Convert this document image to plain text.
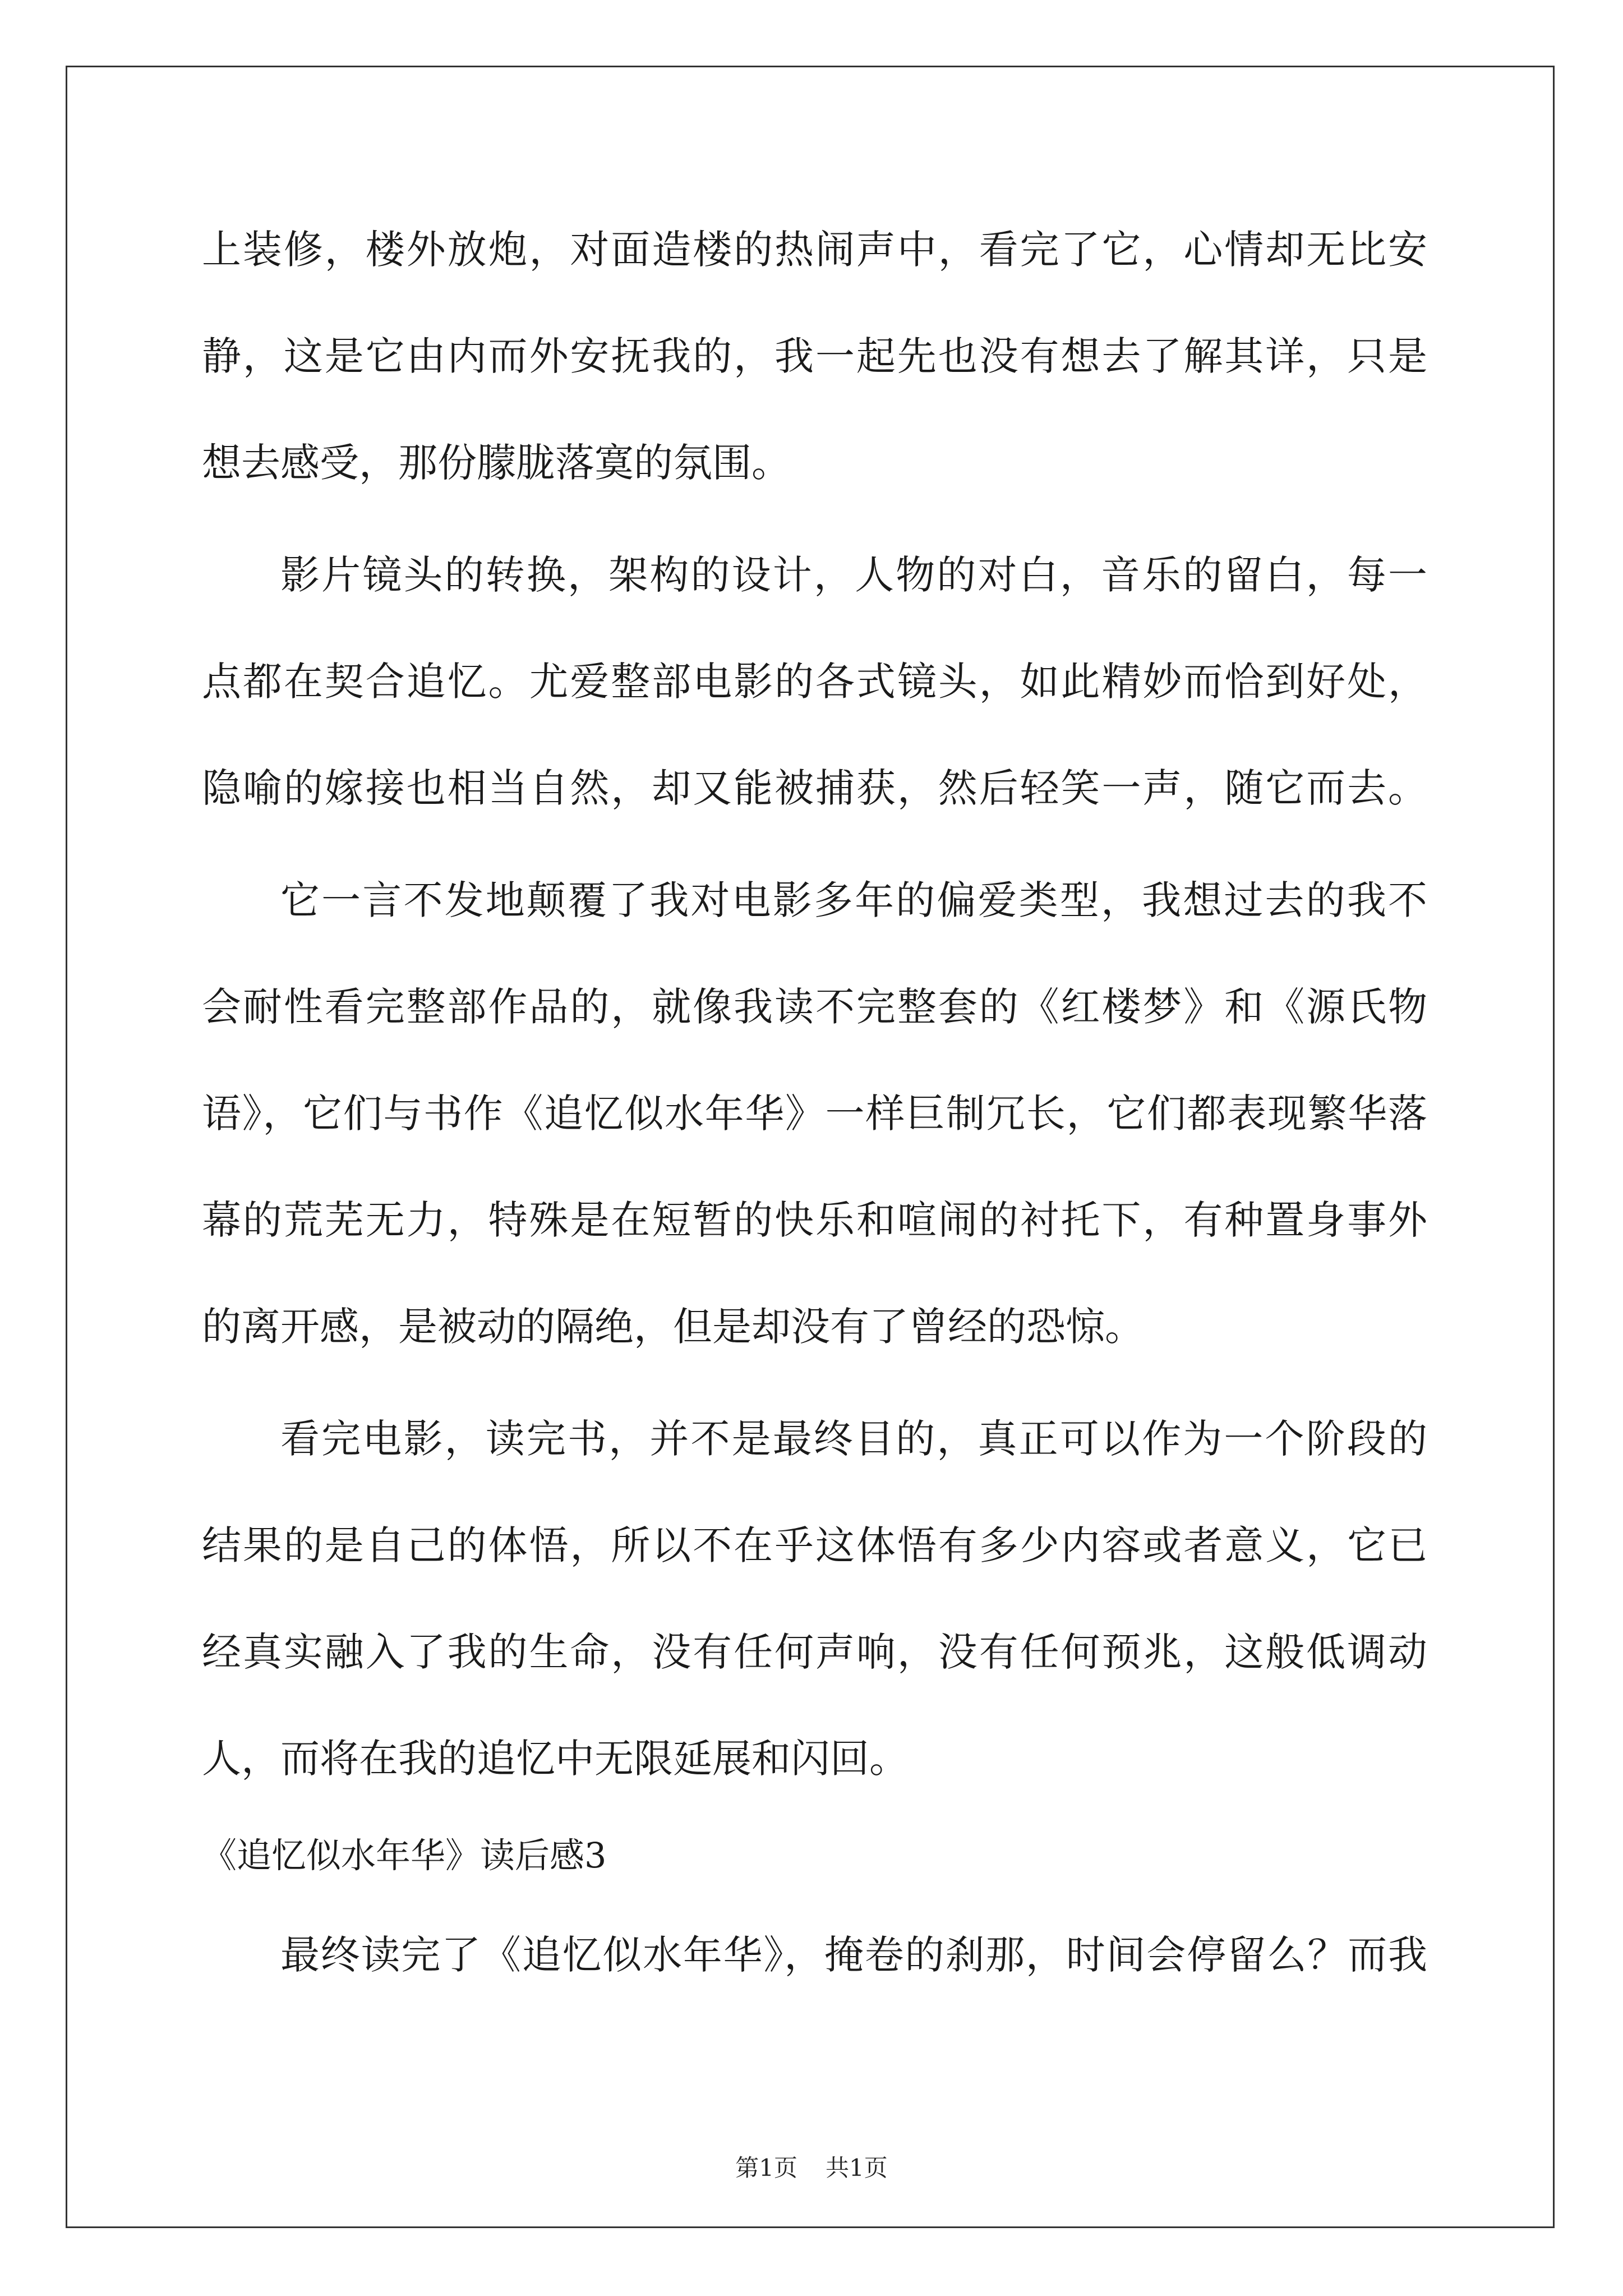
上装修，楼外放炮，对面造楼的热闹声中，看完了它，心情却无比安
静，这是它由内而外安抚我的，我一起先也没有想去了解其详，只是
想去感受，那份朦胧落寞的氛围。
影片镜头的转换，架构的设计，人物的对白，音乐的留白，每一
点都在契合追忆。尤爱整部电影的各式镜头，如此精妙而恰到好处，
隐喻的嫁接也相当自然，却又能被捕获，然后轻笑一声，随它而去。
它一言不发地颠覆了我对电影多年的偏爱类型，我想过去的我不
会耐性看完整部作品的，就像我读不完整套的《红楼梦》和《源氏物
语》，它们与书作《追忆似水年华》一样巨制冗长，它们都表现繁华落
幕的荒芜无力，特殊是在短暂的快乐和喧闹的衬托下，有种置身事外
的离开感，是被动的隔绝，但是却没有了曾经的恐惊。
看完电影，读完书，并不是最终目的，真正可以作为一个阶段的
结果的是自己的体悟，所以不在乎这体悟有多少内容或者意义，它已
经真实融入了我的生命，没有任何声响，没有任何预兆，这般低调动
人，而将在我的追忆中无限延展和闪回。
《追忆似水年华》读后感3
最终读完了《追忆似水年华》，掩卷的刹那，时间会停留么？而我
第1页 共1页
